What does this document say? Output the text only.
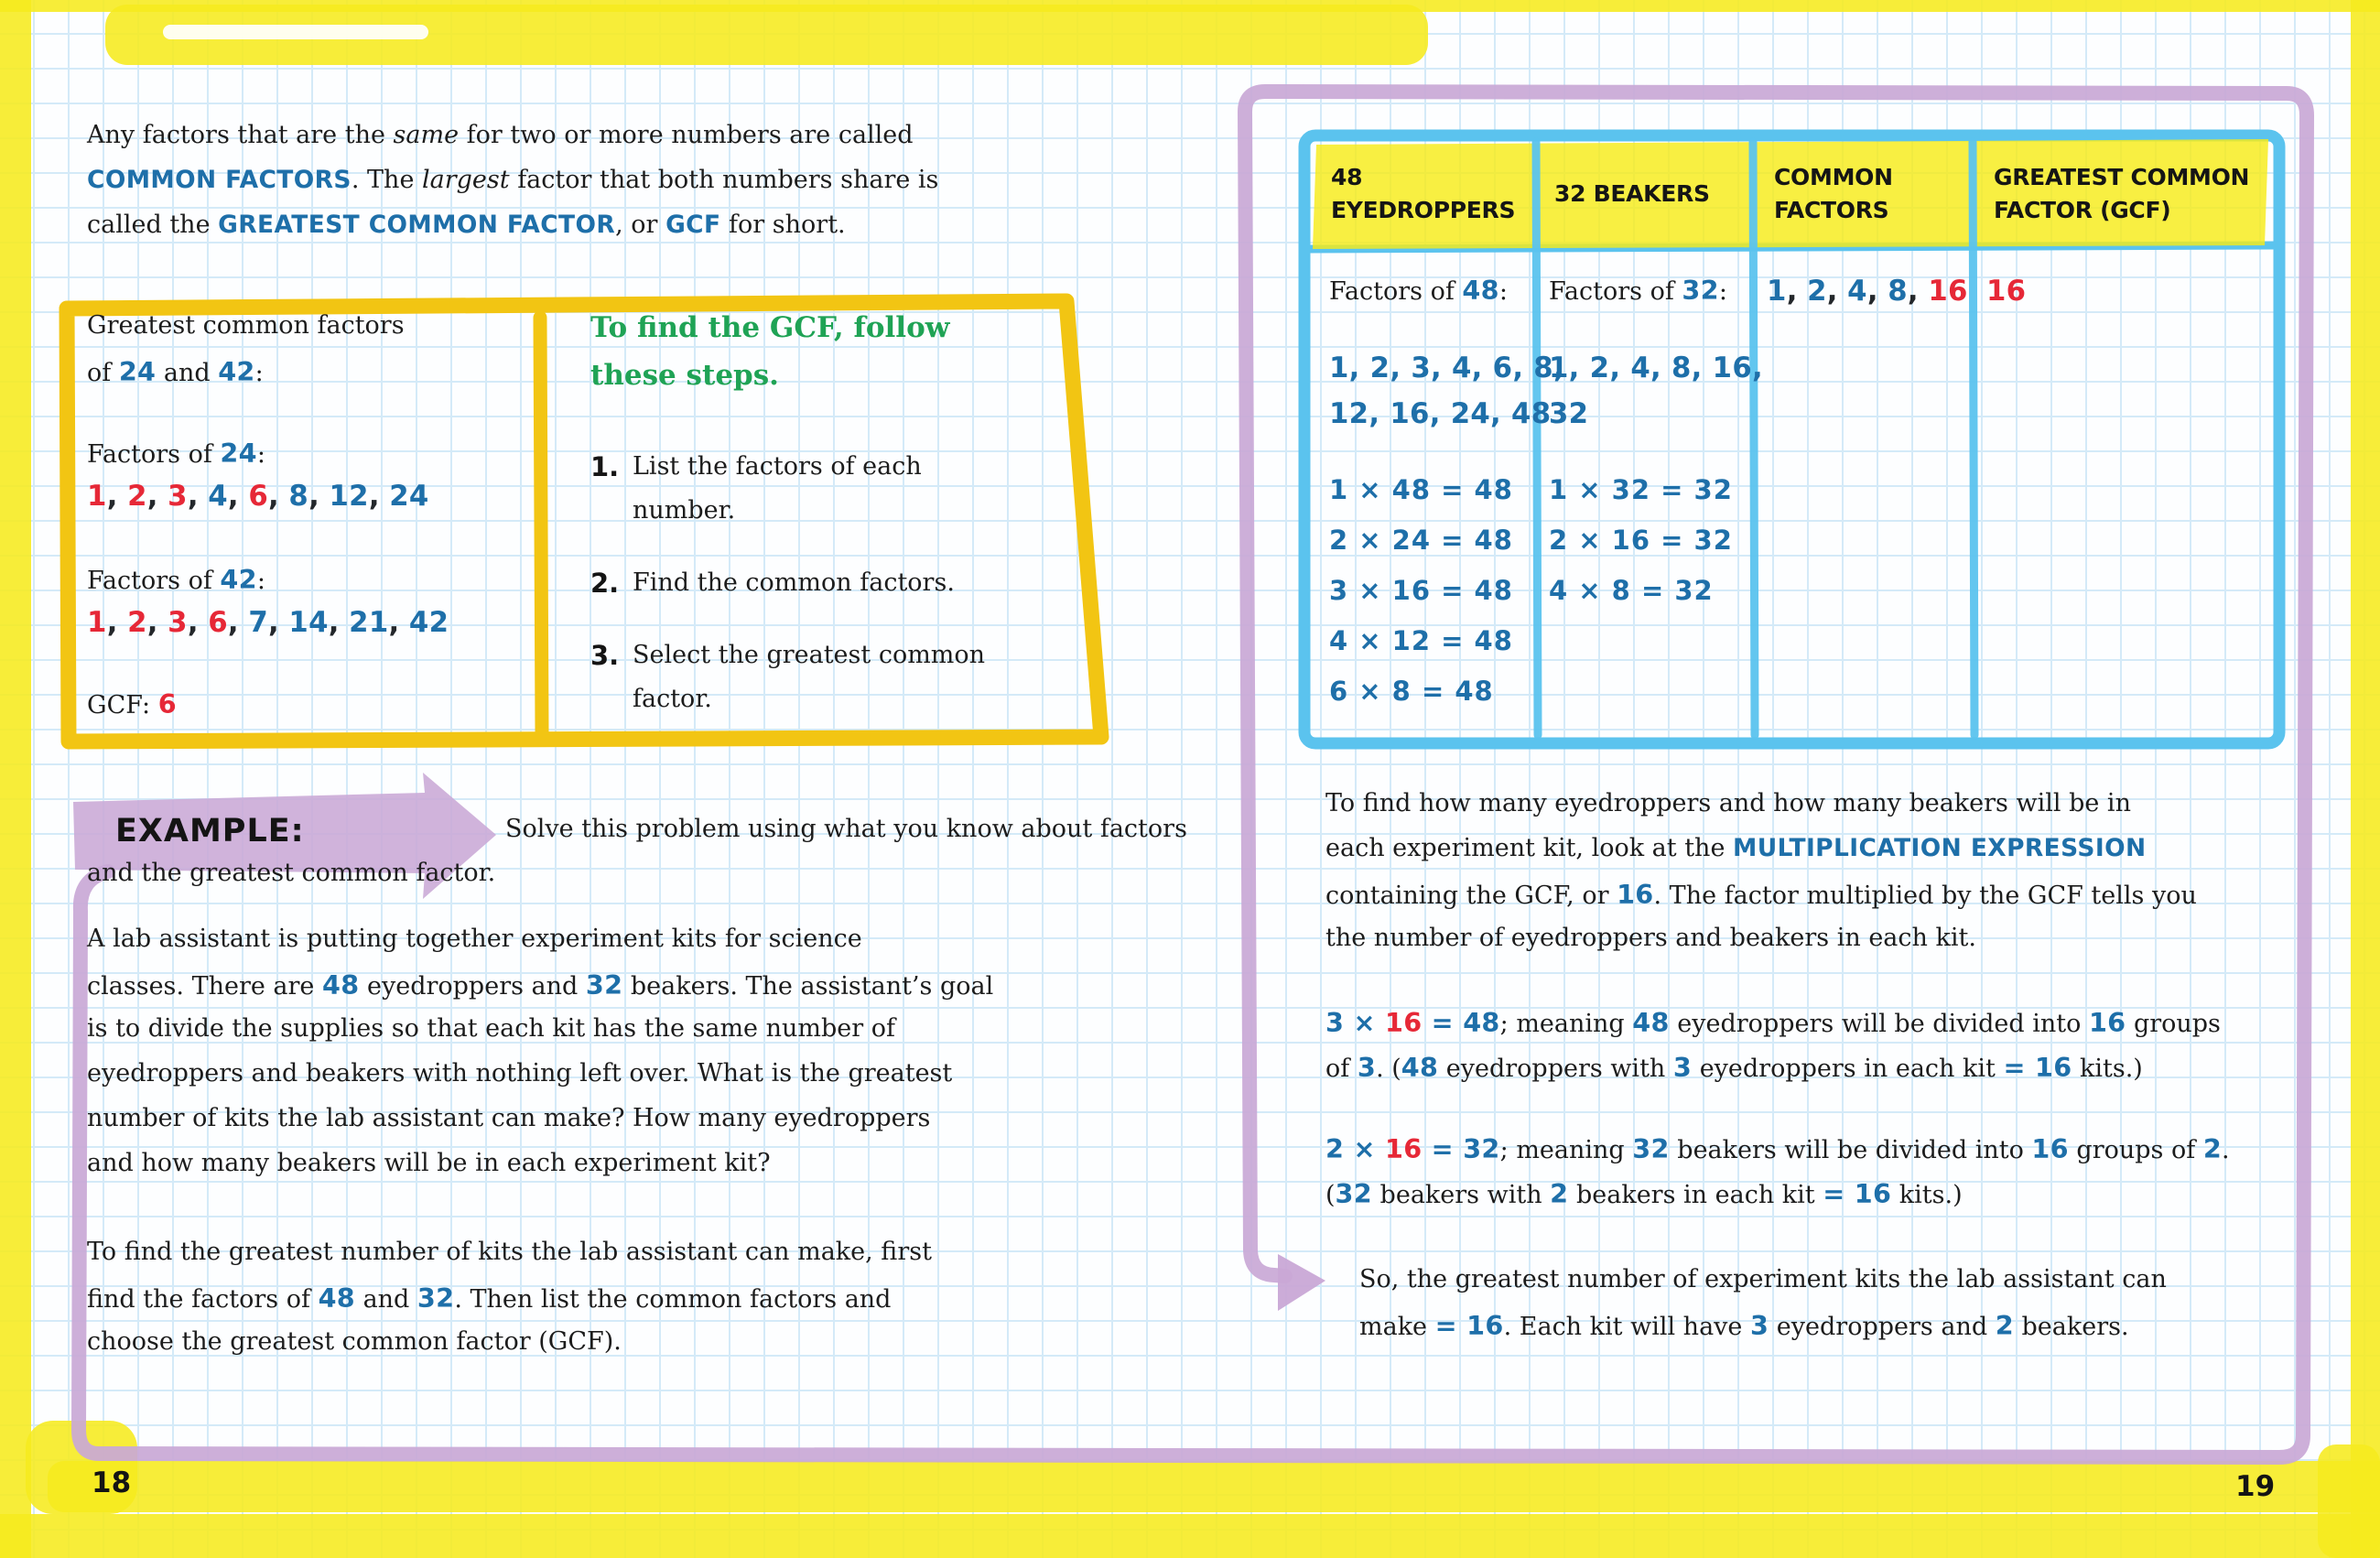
Any factors that are the same for two or more numbers are called
COMMON FACTORS. The largest factor that both numbers share is
called the GREATEST COMMON FACTOR, or GCF for short.
Greatest common factors
of 24 and 42:
Factors of 24:
1, 2, 3, 4, 6, 8, 12, 24
Factors of 42:
1, 2, 3, 6, 7, 14, 21, 42
GCF: 6
To find the GCF, follow
these steps.
1. List the factors of each number.
2. Find the common factors.
3. Select the greatest common factor.
EXAMPLE:	Solve this problem using what you know about factors
and the greatest common factor.
A lab assistant is putting together experiment kits for science
classes. There are 48 eyedroppers and 32 beakers. The assistant’s goal
is to divide the supplies so that each kit has the same number of
eyedroppers and beakers with nothing left over. What is the greatest
number of kits the lab assistant can make? How many eyedroppers
and how many beakers will be in each experiment kit?
To find the greatest number of kits the lab assistant can make, first
find the factors of 48 and 32. Then list the common factors and
choose the greatest common factor (GCF).
18
48 EYEDROPPERS
32 BEAKERS
COMMON FACTORS
GREATEST COMMON FACTOR (GCF)
Factors of 48:
1, 2, 3, 4, 6, 8,
12, 16, 24, 48
1 × 48 = 48
2 × 24 = 48
3 × 16 = 48
4 × 12 = 48
6 × 8 = 48
Factors of 32:
1, 2, 4, 8, 16,
32
1 × 32 = 32
2 × 16 = 32
4 × 8 = 32
1, 2, 4, 8, 16 16
To find how many eyedroppers and how many beakers will be in
each experiment kit, look at the MULTIPLICATION EXPRESSION
containing the GCF, or 16. The factor multiplied by the GCF tells you
the number of eyedroppers and beakers in each kit.
3 × 16 = 48; meaning 48 eyedroppers will be divided into 16 groups
of 3. (48 eyedroppers with 3 eyedroppers in each kit = 16 kits.)
2 × 16 = 32; meaning 32 beakers will be divided into 16 groups of 2.
(32 beakers with 2 beakers in each kit = 16 kits.)
So, the greatest number of experiment kits the lab assistant can
make = 16. Each kit will have 3 eyedroppers and 2 beakers.
19
